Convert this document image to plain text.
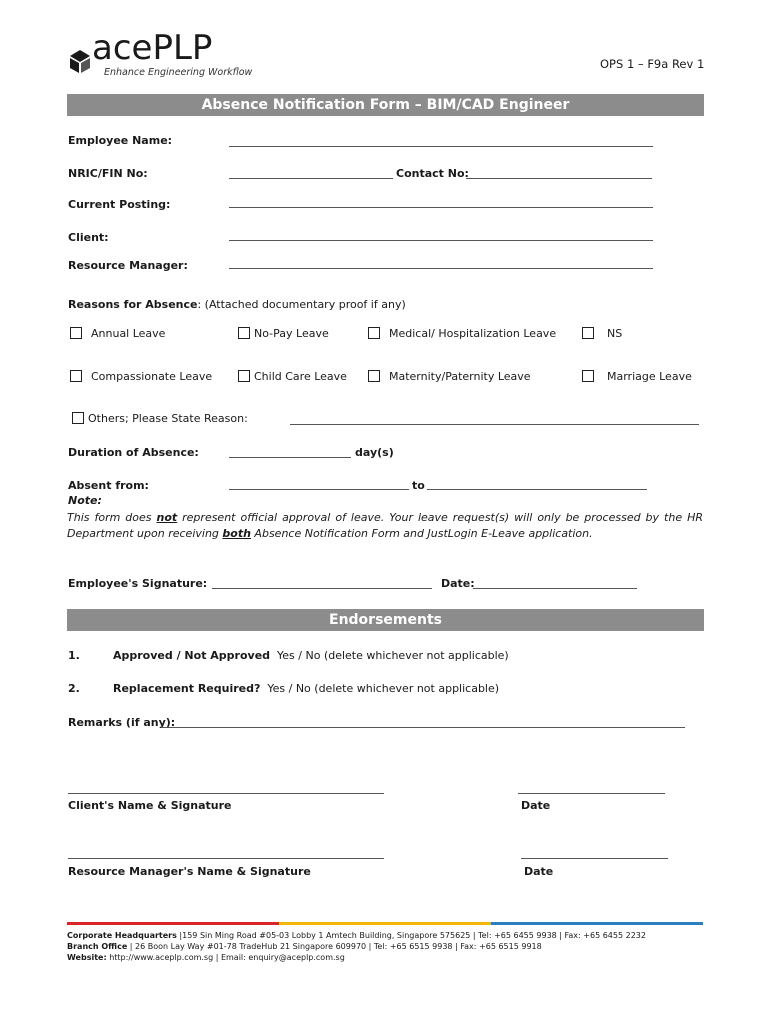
acePLP
Enhance Engineering Workflow
OPS 1 – F9a Rev 1
Absence Notification Form – BIM/CAD Engineer
Employee Name:
NRIC/FIN No:	Contact No:
Current Posting:
Client:
Resource Manager:
Reasons for Absence: (Attached documentary proof if any)
Annual Leave	No-Pay Leave	Medical/ Hospitalization Leave	NS
Compassionate Leave	Child Care Leave	Maternity/Paternity Leave	Marriage Leave
Others; Please State Reason:
Duration of Absence:	day(s)
Absent from:	to
Note:
This form does not represent official approval of leave. Your leave request(s) will only be processed by the HR Department upon receiving both Absence Notification Form and JustLogin E-Leave application.
Employee's Signature:	Date:
Endorsements
1.	Approved / Not Approved Yes / No (delete whichever not applicable)
2.	Replacement Required? Yes / No (delete whichever not applicable)
Remarks (if any):
Client's Name & Signature	Date
Resource Manager's Name & Signature	Date
Corporate Headquarters |159 Sin Ming Road #05-03 Lobby 1 Amtech Building, Singapore 575625 | Tel: +65 6455 9938 | Fax: +65 6455 2232
Branch Office | 26 Boon Lay Way #01-78 TradeHub 21 Singapore 609970 | Tel: +65 6515 9938 | Fax: +65 6515 9918
Website: http://www.aceplp.com.sg | Email: enquiry@aceplp.com.sg
